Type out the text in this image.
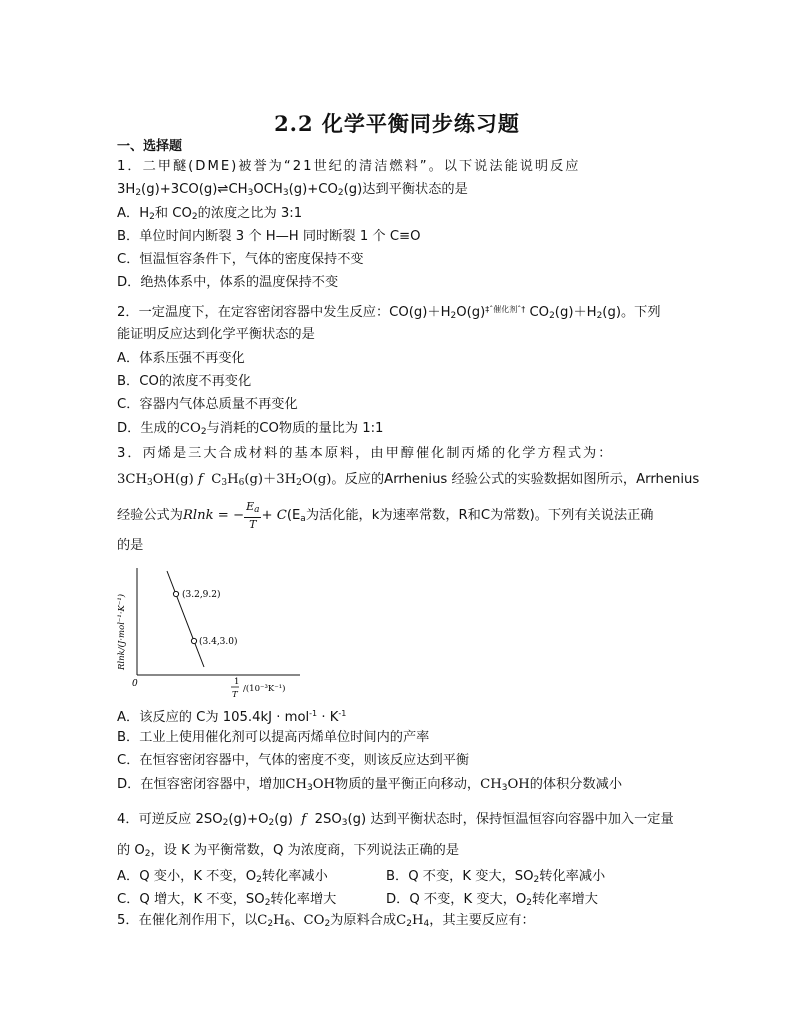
2.2 化学平衡同步练习题
一、选择题
1．二甲醚(DME)被誉为“21世纪的清洁燃料”。以下说法能说明反应
$3H_2(g)+3CO(g)\rightleftharpoons CH_3OCH_3(g)+CO_2(g)$达到平衡状态的是
A．$H_2$和 $CO_2$的浓度之比为 3:1
B．单位时间内断裂 3 个 H—H 同时断裂 1 个 C≡O
C．恒温恒容条件下，气体的密度保持不变
D．绝热体系中，体系的温度保持不变
2．一定温度下，在定容密闭容器中发生反应：$CO(g)+H_2O(g)^{\ddagger ˆ催化剂ˆ\dagger}$ $CO_2(g)+H_2(g)$。下列
能证明反应达到化学平衡状态的是
A．体系压强不再变化
B．CO的浓度不再变化
C．容器内气体总质量不再变化
D．生成的$CO_2$与消耗的CO物质的量比为 1:1
3．丙烯是三大合成材料的基本原料，由甲醇催化制丙烯的化学方程式为：
$3CH_3OH(g)$ f $C_3H_6(g)+3H_2O(g)$。反应的Arrhenius 经验公式的实验数据如图所示，Arrhenius
经验公式为Rlnk = − $\frac{E_a}{T} + C(E_a$为活化能，k为速率常数，R和C为常数)。下列有关说法正确
的是
(3.2,9.2)
(3.4,3.0)
Rlnk/(J·mol⁻¹·K⁻¹)
0	1
T
/(10⁻³K⁻¹)
A．该反应的 C为 $105.4kJ \cdot mol^{-1} \cdot K^{-1}$
B．工业上使用催化剂可以提高丙烯单位时间内的产率
C．在恒容密闭容器中，气体的密度不变，则该反应达到平衡
D．在恒容密闭容器中，增加$CH_3OH$物质的量平衡正向移动，$CH_3OH$的体积分数减小
4．可逆反应 $2SO_2(g)+O_2(g)$ f $2SO_3(g)$ 达到平衡状态时，保持恒温恒容向容器中加入一定量
的 $O_2$，设 K 为平衡常数，Q 为浓度商，下列说法正确的是
A．Q 变小，K 不变，$O_2$转化率减小	B．Q 不变，K 变大，$SO_2$转化率减小
C．Q 增大，K 不变，$SO_2$转化率增大	D．Q 不变，K 变大，$O_2$转化率增大
5．在催化剂作用下，以$C_2H_6$、$CO_2$为原料合成$C_2H_4$，其主要反应有：
